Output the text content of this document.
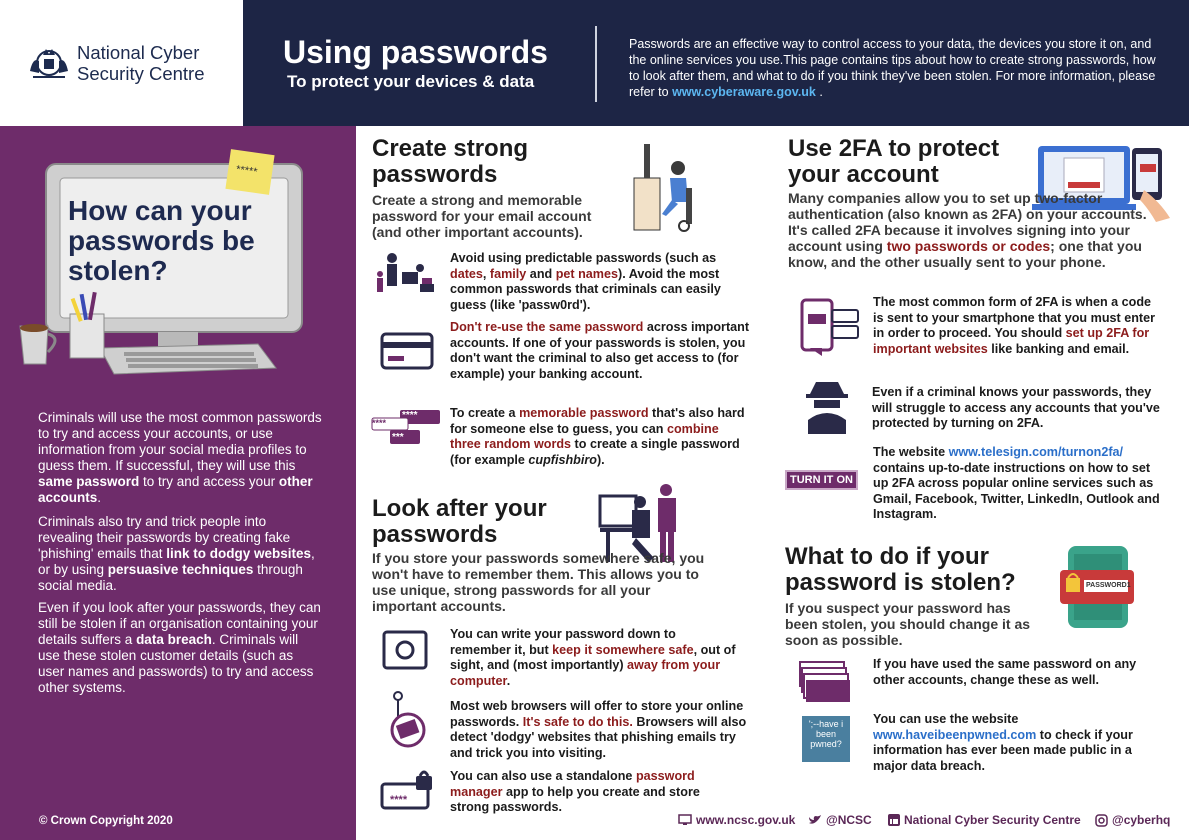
National Cyber
Security Centre
Using passwords
To protect your devices & data
Passwords are an effective way to control access to your data, the devices you store it on, and the online services you use.This page contains tips about how to create strong passwords, how to look after them, and what to do if you think they've been stolen. For more information, please refer to www.cyberaware.gov.uk .
*****
How can your passwords be stolen?
Criminals will use the most common passwords to try and access your accounts, or use information from your social media profiles to guess them. If successful, they will use this same password to try and access your other accounts.
Criminals also try and trick people into revealing their passwords by creating fake 'phishing' emails that link to dodgy websites, or by using persuasive techniques through social media.
Even if you look after your passwords, they can still be stolen if an organisation containing your details suffers a data breach. Criminals will use these stolen customer details (such as user names and passwords) to try and access other systems.
© Crown Copyright 2020
Create strong
passwords
Create a strong and memorable password for your email account (and other important accounts).
Avoid using predictable passwords (such as dates, family and pet names). Avoid the most common passwords that criminals can easily guess (like 'passw0rd').
Don't re-use the same password across important accounts. If one of your passwords is stolen, you don't want the criminal to also get access to (for example) your banking account.
****
****
***
To create a memorable password that's also hard for someone else to guess, you can combine three random words to create a single password (for example cupfishbiro).
Look after your
passwords
If you store your passwords somewhere safe, you won't have to remember them. This allows you to use unique, strong passwords for all your important accounts.
You can write your password down to remember it, but keep it somewhere safe, out of sight, and (most importantly) away from your computer.
Most web browsers will offer to store your online passwords. It's safe to do this. Browsers will also detect 'dodgy' websites that phishing emails try and trick you into visiting.
****
You can also use a standalone password manager app to help you create and store strong passwords.
Use 2FA to protect
your account
Many companies allow you to set up two-factor authentication (also known as 2FA) on your accounts. It's called 2FA because it involves signing into your account using two passwords or codes; one that you know, and the other usually sent to your phone.
The most common form of 2FA is when a code is sent to your smartphone that you must enter in order to proceed. You should set up 2FA for important websites like banking and email.
Even if a criminal knows your passwords, they will struggle to access any accounts that you've protected by turning on 2FA.
TURN IT ON
The website www.telesign.com/turnon2fa/ contains up-to-date instructions on how to set up 2FA across popular online services such as Gmail, Facebook, Twitter, LinkedIn, Outlook and Instagram.
What to do if your
password is stolen?	PASSWORD1
If you suspect your password has been stolen, you should change it as soon as possible.
If you have used the same password on any other accounts, change these as well.
';--have i been pwned?
You can use the website www.haveibeenpwned.com to check if your information has ever been made public in a major data breach.
www.ncsc.gov.uk	@NCSC	National Cyber Security Centre	@cyberhq
